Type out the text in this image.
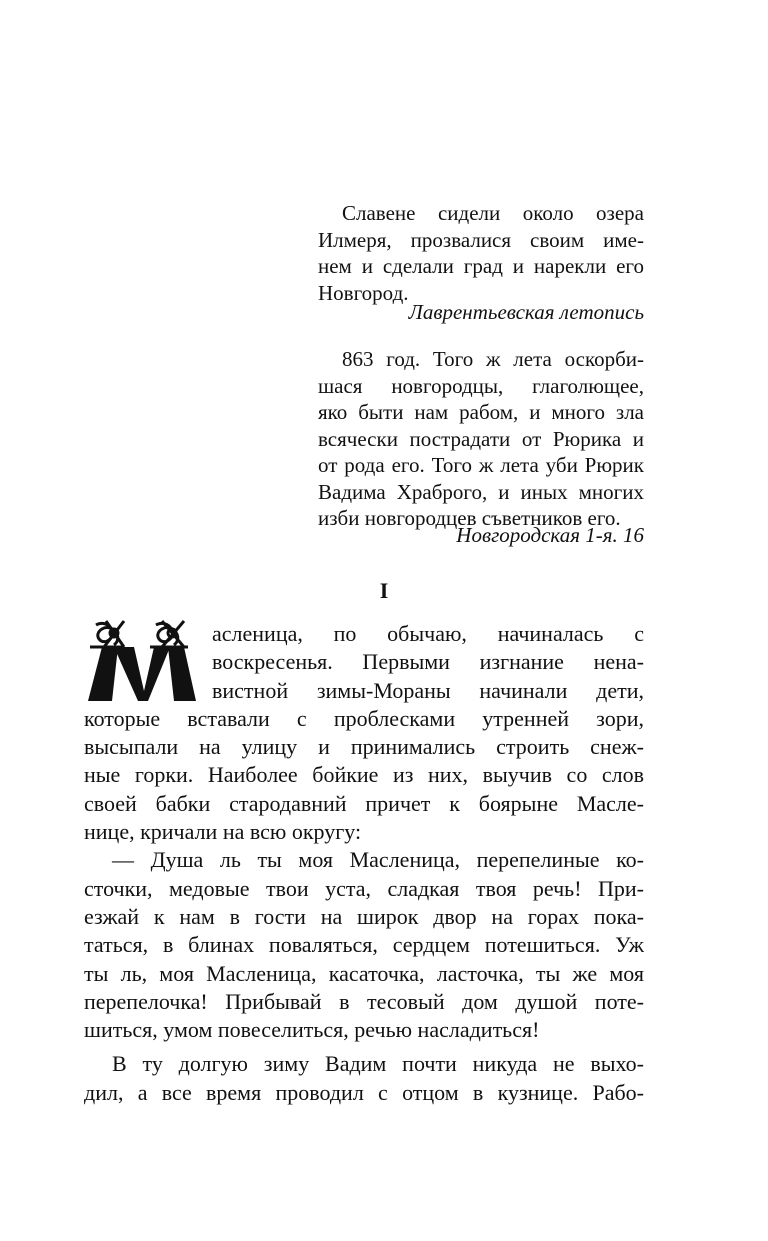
Славене сидели около озера
Илмеря, прозвалися своим име-
нем и сделали град и нарекли его
Новгород.
Лаврентьевская летопись
863 год. Того ж лета оскорби-
шася новгородцы, глаголющее,
яко быти нам рабом, и много зла
всячески пострадати от Рюрика и
от рода его. Того ж лета уби Рюрик
Вадима Храброго, и иных многих
изби новгородцев съветников его.
Новгородская 1-я. 16
I
асленица, по обычаю, начиналась с
воскресенья. Первыми изгнание нена-
вистной зимы-Мораны начинали дети,
которые вставали с проблесками утренней зори,
высыпали на улицу и принимались строить снеж-
ные горки. Наиболее бойкие из них, выучив со слов
своей бабки стародавний причет к боярыне Масле-
нице, кричали на всю округу:
— Душа ль ты моя Масленица, перепелиные ко-
сточки, медовые твои уста, сладкая твоя речь! При-
езжай к нам в гости на широк двор на горах пока-
таться, в блинах поваляться, сердцем потешиться. Уж
ты ль, моя Масленица, касаточка, ласточка, ты же моя
перепелочка! Прибывай в тесовый дом душой поте-
шиться, умом повеселиться, речью насладиться!
В ту долгую зиму Вадим почти никуда не выхо-
дил, а все время проводил с отцом в кузнице. Рабо-
